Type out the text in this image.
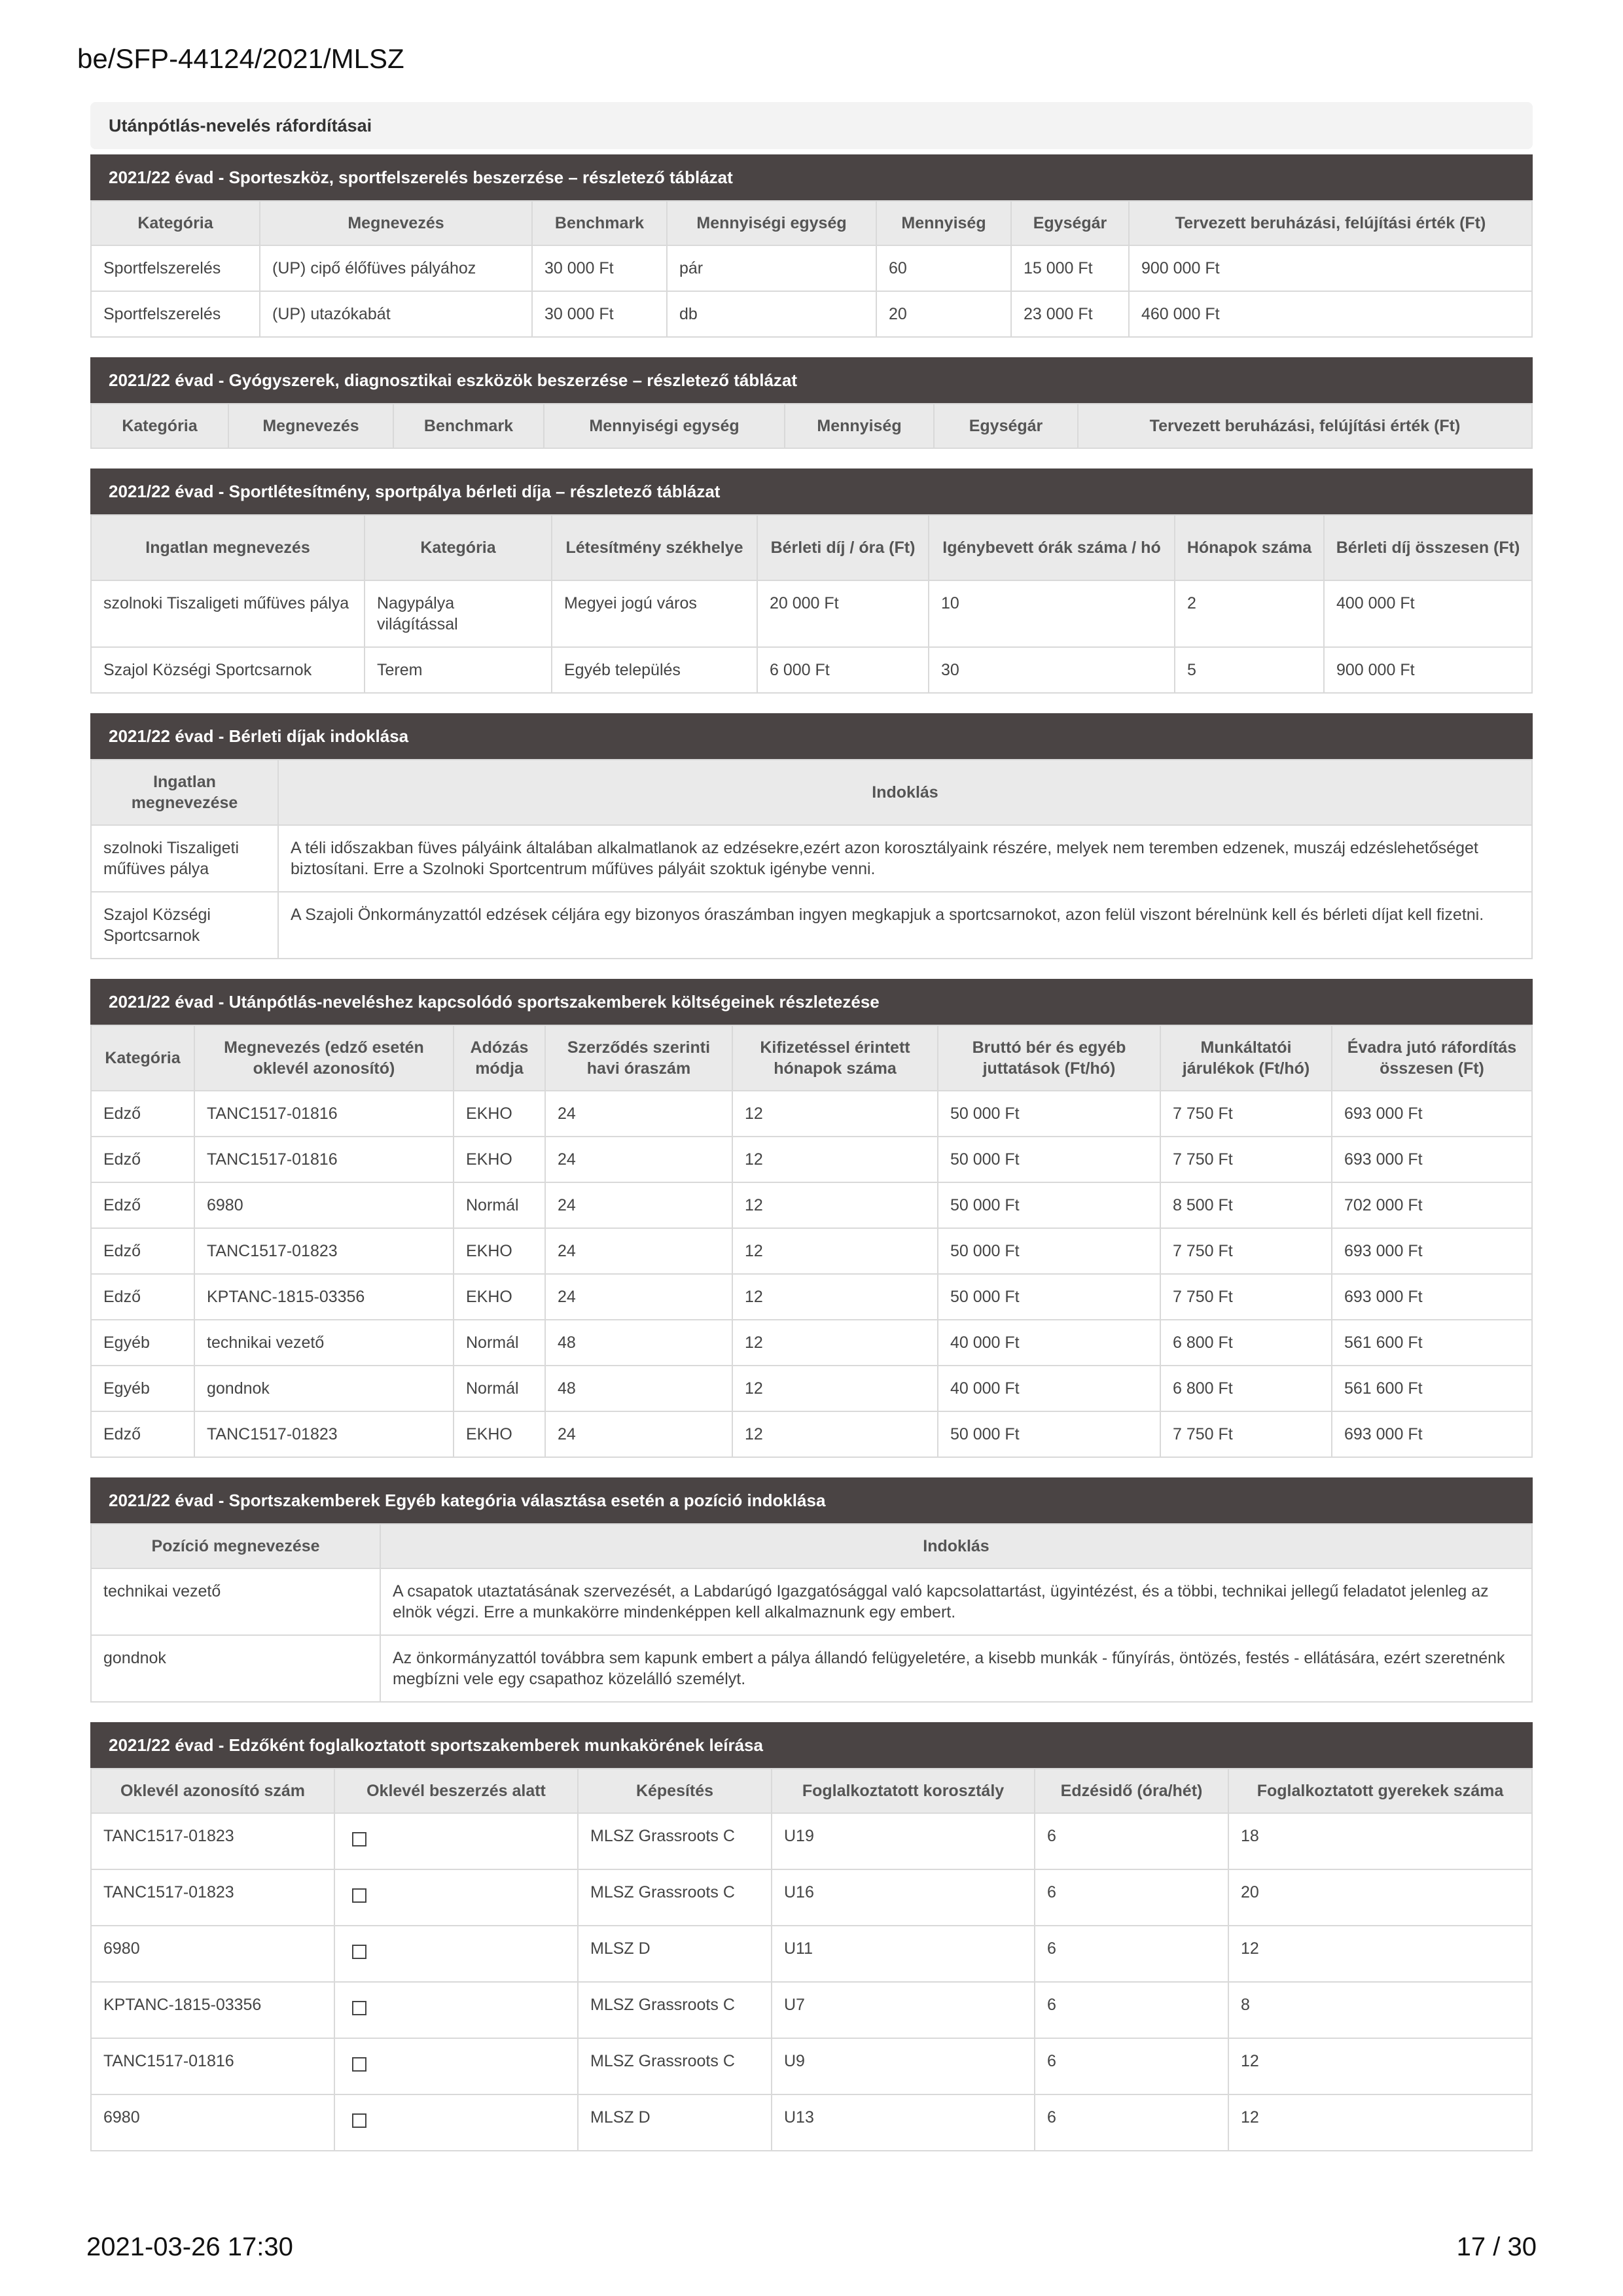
be/SFP-44124/2021/MLSZ
Utánpótlás-nevelés ráfordításai
2021/22 évad - Sporteszköz, sportfelszerelés beszerzése – részletező táblázat
Kategória	Megnevezés	Benchmark	Mennyiségi egység	Mennyiség	Egységár	Tervezett beruházási, felújítási érték (Ft)
Sportfelszerelés	(UP) cipő élőfüves pályához	30 000 Ft	pár	60	15 000 Ft	900 000 Ft
Sportfelszerelés	(UP) utazókabát	30 000 Ft	db	20	23 000 Ft	460 000 Ft
2021/22 évad - Gyógyszerek, diagnosztikai eszközök beszerzése – részletező táblázat
Kategória	Megnevezés	Benchmark	Mennyiségi egység	Mennyiség	Egységár	Tervezett beruházási, felújítási érték (Ft)
2021/22 évad - Sportlétesítmény, sportpálya bérleti díja – részletező táblázat
Ingatlan megnevezés	Kategória	Létesítmény székhelye	Bérleti díj / óra (Ft)	Igénybevett órák száma / hó	Hónapok száma	Bérleti díj összesen (Ft)
szolnoki Tiszaligeti műfüves pálya	Nagypálya világítással	Megyei jogú város	20 000 Ft	10	2	400 000 Ft
Szajol Községi Sportcsarnok	Terem	Egyéb település	6 000 Ft	30	5	900 000 Ft
2021/22 évad - Bérleti díjak indoklása
Ingatlan megnevezése	Indoklás
szolnoki Tiszaligeti műfüves pálya	A téli időszakban füves pályáink általában alkalmatlanok az edzésekre,ezért azon korosztályaink részére, melyek nem teremben edzenek, muszáj edzéslehetőséget biztosítani. Erre a Szolnoki Sportcentrum műfüves pályáit szoktuk igénybe venni.
Szajol Községi Sportcsarnok	A Szajoli Önkormányzattól edzések céljára egy bizonyos óraszámban ingyen megkapjuk a sportcsarnokot, azon felül viszont bérelnünk kell és bérleti díjat kell fizetni.
2021/22 évad - Utánpótlás-neveléshez kapcsolódó sportszakemberek költségeinek részletezése
Kategória	Megnevezés (edző esetén oklevél azonosító)	Adózás módja	Szerződés szerinti havi óraszám	Kifizetéssel érintett hónapok száma	Bruttó bér és egyéb juttatások (Ft/hó)	Munkáltatói járulékok (Ft/hó)	Évadra jutó ráfordítás összesen (Ft)
Edző	TANC1517-01816	EKHO	24	12	50 000 Ft	7 750 Ft	693 000 Ft
Edző	TANC1517-01816	EKHO	24	12	50 000 Ft	7 750 Ft	693 000 Ft
Edző	6980	Normál	24	12	50 000 Ft	8 500 Ft	702 000 Ft
Edző	TANC1517-01823	EKHO	24	12	50 000 Ft	7 750 Ft	693 000 Ft
Edző	KPTANC-1815-03356	EKHO	24	12	50 000 Ft	7 750 Ft	693 000 Ft
Egyéb	technikai vezető	Normál	48	12	40 000 Ft	6 800 Ft	561 600 Ft
Egyéb	gondnok	Normál	48	12	40 000 Ft	6 800 Ft	561 600 Ft
Edző	TANC1517-01823	EKHO	24	12	50 000 Ft	7 750 Ft	693 000 Ft
2021/22 évad - Sportszakemberek Egyéb kategória választása esetén a pozíció indoklása
Pozíció megnevezése	Indoklás
technikai vezető	A csapatok utaztatásának szervezését, a Labdarúgó Igazgatósággal való kapcsolattartást, ügyintézést, és a többi, technikai jellegű feladatot jelenleg az elnök végzi. Erre a munkakörre mindenképpen kell alkalmaznunk egy embert.
gondnok	Az önkormányzattól továbbra sem kapunk embert a pálya állandó felügyeletére, a kisebb munkák - fűnyírás, öntözés, festés - ellátására, ezért szeretnénk megbízni vele egy csapathoz közelálló személyt.
2021/22 évad - Edzőként foglalkoztatott sportszakemberek munkakörének leírása
Oklevél azonosító szám	Oklevél beszerzés alatt	Képesítés	Foglalkoztatott korosztály	Edzésidő (óra/hét)	Foglalkoztatott gyerekek száma
TANC1517-01823		MLSZ Grassroots C	U19	6	18
TANC1517-01823		MLSZ Grassroots C	U16	6	20
6980		MLSZ D	U11	6	12
KPTANC-1815-03356		MLSZ Grassroots C	U7	6	8
TANC1517-01816		MLSZ Grassroots C	U9	6	12
6980		MLSZ D	U13	6	12
2021-03-26 17:30	17 / 30
